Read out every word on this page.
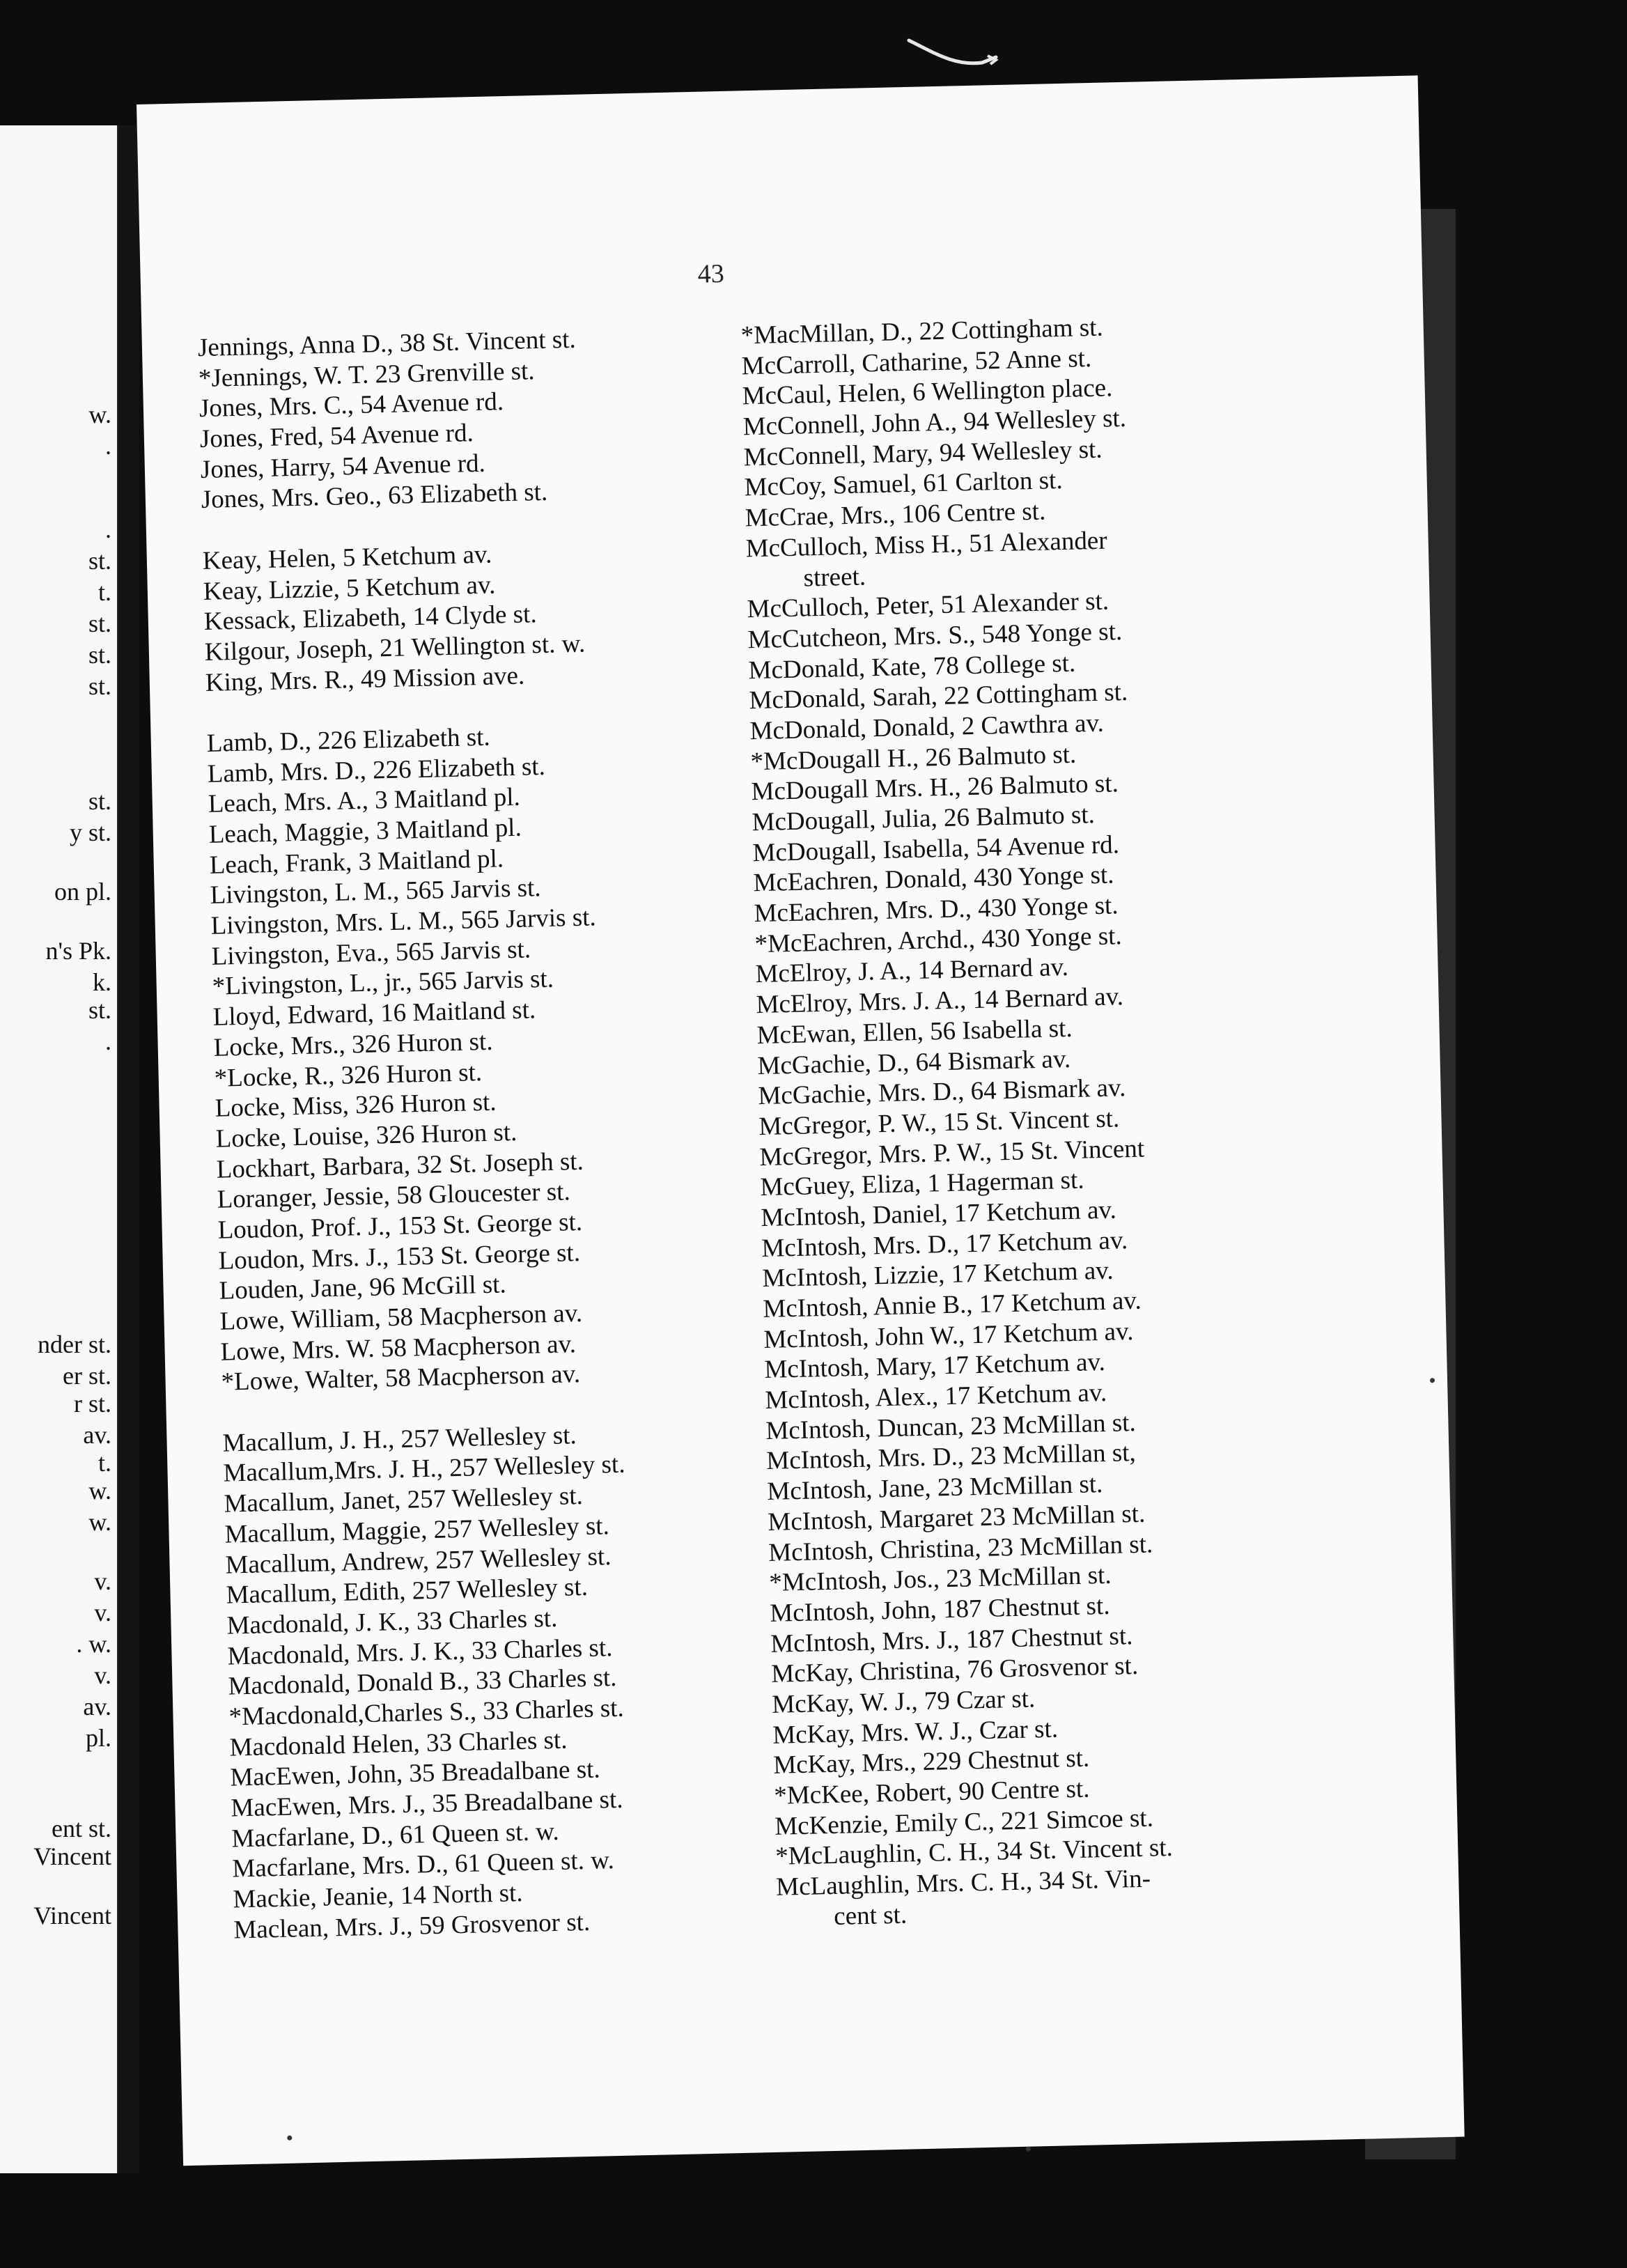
w.
.
.
st.
t.
st.
st.
st.
st.
y st.
on pl.
n's Pk.
k.
st.
.
nder st.
er st.
r st.
av.
t.
w.
w.
v.
v.
. w.
v.
av.
pl.
ent st.
Vincent
Vincent
43
Jennings, Anna D., 38 St. Vincent st.
*Jennings, W. T. 23 Grenville st.
Jones, Mrs. C., 54 Avenue rd.
Jones, Fred, 54 Avenue rd.
Jones, Harry, 54 Avenue rd.
Jones, Mrs. Geo., 63 Elizabeth st.
Keay, Helen, 5 Ketchum av.
Keay, Lizzie, 5 Ketchum av.
Kessack, Elizabeth, 14 Clyde st.
Kilgour, Joseph, 21 Wellington st. w.
King, Mrs. R., 49 Mission ave.
Lamb, D., 226 Elizabeth st.
Lamb, Mrs. D., 226 Elizabeth st.
Leach, Mrs. A., 3 Maitland pl.
Leach, Maggie, 3 Maitland pl.
Leach, Frank, 3 Maitland pl.
Livingston, L. M., 565 Jarvis st.
Livingston, Mrs. L. M., 565 Jarvis st.
Livingston, Eva., 565 Jarvis st.
*Livingston, L., jr., 565 Jarvis st.
Lloyd, Edward, 16 Maitland st.
Locke, Mrs., 326 Huron st.
*Locke, R., 326 Huron st.
Locke, Miss, 326 Huron st.
Locke, Louise, 326 Huron st.
Lockhart, Barbara, 32 St. Joseph st.
Loranger, Jessie, 58 Gloucester st.
Loudon, Prof. J., 153 St. George st.
Loudon, Mrs. J., 153 St. George st.
Louden, Jane, 96 McGill st.
Lowe, William, 58 Macpherson av.
Lowe, Mrs. W. 58 Macpherson av.
*Lowe, Walter, 58 Macpherson av.
Macallum, J. H., 257 Wellesley st.
Macallum,Mrs. J. H., 257 Wellesley st.
Macallum, Janet, 257 Wellesley st.
Macallum, Maggie, 257 Wellesley st.
Macallum, Andrew, 257 Wellesley st.
Macallum, Edith, 257 Wellesley st.
Macdonald, J. K., 33 Charles st.
Macdonald, Mrs. J. K., 33 Charles st.
Macdonald, Donald B., 33 Charles st.
*Macdonald,Charles S., 33 Charles st.
Macdonald Helen, 33 Charles st.
MacEwen, John, 35 Breadalbane st.
MacEwen, Mrs. J., 35 Breadalbane st.
Macfarlane, D., 61 Queen st. w.
Macfarlane, Mrs. D., 61 Queen st. w.
Mackie, Jeanie, 14 North st.
Maclean, Mrs. J., 59 Grosvenor st.
*MacMillan, D., 22 Cottingham st.
McCarroll, Catharine, 52 Anne st.
McCaul, Helen, 6 Wellington place.
McConnell, John A., 94 Wellesley st.
McConnell, Mary, 94 Wellesley st.
McCoy, Samuel, 61 Carlton st.
McCrae, Mrs., 106 Centre st.
McCulloch, Miss H., 51 Alexander
street.
McCulloch, Peter, 51 Alexander st.
McCutcheon, Mrs. S., 548 Yonge st.
McDonald, Kate, 78 College st.
McDonald, Sarah, 22 Cottingham st.
McDonald, Donald, 2 Cawthra av.
*McDougall H., 26 Balmuto st.
McDougall Mrs. H., 26 Balmuto st.
McDougall, Julia, 26 Balmuto st.
McDougall, Isabella, 54 Avenue rd.
McEachren, Donald, 430 Yonge st.
McEachren, Mrs. D., 430 Yonge st.
*McEachren, Archd., 430 Yonge st.
McElroy, J. A., 14 Bernard av.
McElroy, Mrs. J. A., 14 Bernard av.
McEwan, Ellen, 56 Isabella st.
McGachie, D., 64 Bismark av.
McGachie, Mrs. D., 64 Bismark av.
McGregor, P. W., 15 St. Vincent st.
McGregor, Mrs. P. W., 15 St. Vincent
McGuey, Eliza, 1 Hagerman st.
McIntosh, Daniel, 17 Ketchum av.
McIntosh, Mrs. D., 17 Ketchum av.
McIntosh, Lizzie, 17 Ketchum av.
McIntosh, Annie B., 17 Ketchum av.
McIntosh, John W., 17 Ketchum av.
McIntosh, Mary, 17 Ketchum av.
McIntosh, Alex., 17 Ketchum av.
McIntosh, Duncan, 23 McMillan st.
McIntosh, Mrs. D., 23 McMillan st,
McIntosh, Jane, 23 McMillan st.
McIntosh, Margaret 23 McMillan st.
McIntosh, Christina, 23 McMillan st.
*McIntosh, Jos., 23 McMillan st.
McIntosh, John, 187 Chestnut st.
McIntosh, Mrs. J., 187 Chestnut st.
McKay, Christina, 76 Grosvenor st.
McKay, W. J., 79 Czar st.
McKay, Mrs. W. J., Czar st.
McKay, Mrs., 229 Chestnut st.
*McKee, Robert, 90 Centre st.
McKenzie, Emily C., 221 Simcoe st.
*McLaughlin, C. H., 34 St. Vincent st.
McLaughlin, Mrs. C. H., 34 St. Vin-
cent st.
